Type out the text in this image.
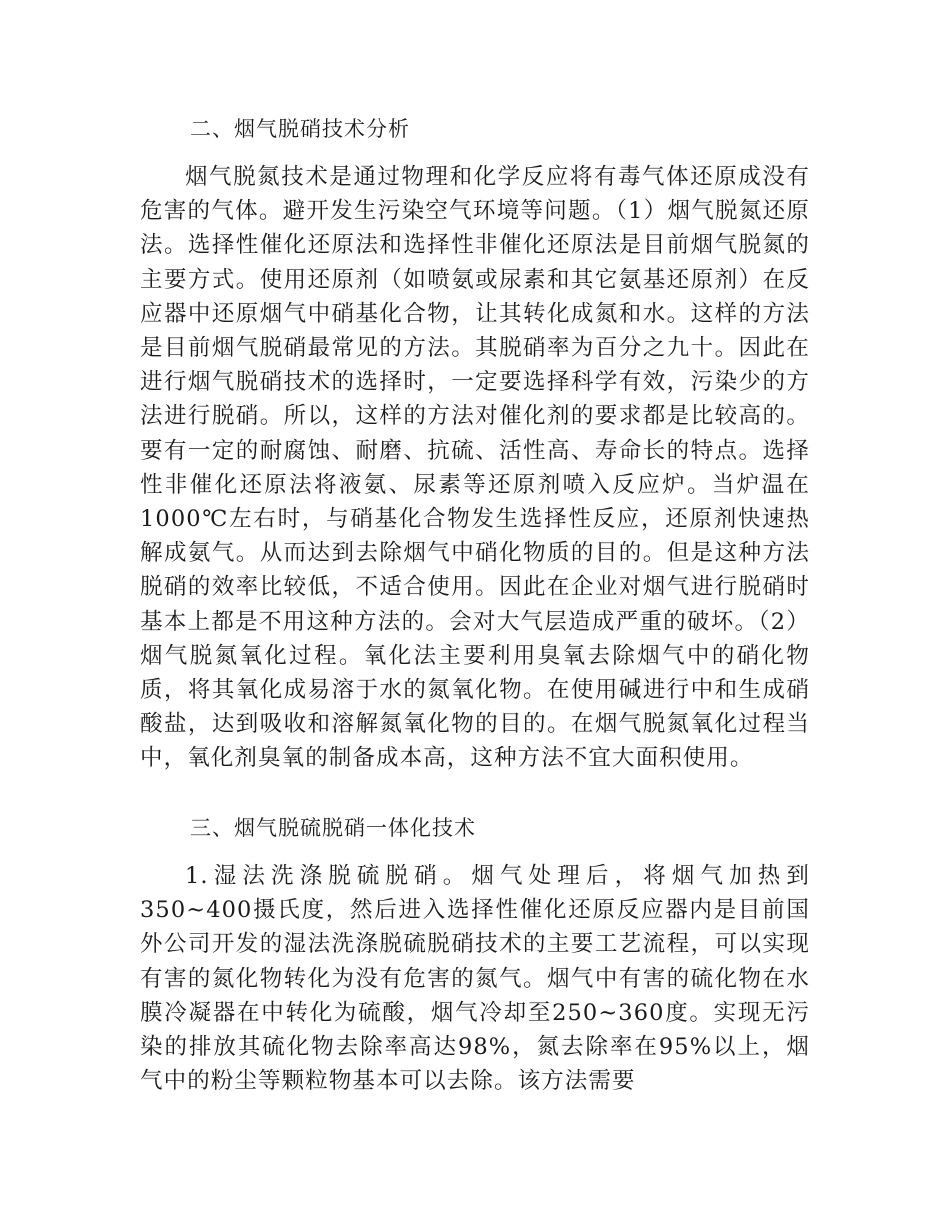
二、烟气脱硝技术分析

烟气脱氮技术是通过物理和化学反应将有毒气体还原成没有危害的气体。避开发生污染空气环境等问题。（1）烟气脱氮还原法。选择性催化还原法和选择性非催化还原法是目前烟气脱氮的主要方式。使用还原剂（如喷氨或尿素和其它氨基还原剂）在反应器中还原烟气中硝基化合物，让其转化成氮和水。这样的方法是目前烟气脱硝最常见的方法。其脱硝率为百分之九十。因此在进行烟气脱硝技术的选择时，一定要选择科学有效，污染少的方法进行脱硝。所以，这样的方法对催化剂的要求都是比较高的。要有一定的耐腐蚀、耐磨、抗硫、活性高、寿命长的特点。选择性非催化还原法将液氨、尿素等还原剂喷入反应炉。当炉温在1000℃左右时，与硝基化合物发生选择性反应，还原剂快速热解成氨气。从而达到去除烟气中硝化物质的目的。但是这种方法脱硝的效率比较低，不适合使用。因此在企业对烟气进行脱硝时基本上都是不用这种方法的。会对大气层造成严重的破坏。（2）烟气脱氮氧化过程。氧化法主要利用臭氧去除烟气中的硝化物质，将其氧化成易溶于水的氮氧化物。在使用碱进行中和生成硝酸盐，达到吸收和溶解氮氧化物的目的。在烟气脱氮氧化过程当中，氧化剂臭氧的制备成本高，这种方法不宜大面积使用。

三、烟气脱硫脱硝一体化技术

1.湿法洗涤脱硫脱硝。烟气处理后，将烟气加热到350~400摄氏度，然后进入选择性催化还原反应器内是目前国外公司开发的湿法洗涤脱硫脱硝技术的主要工艺流程，可以实现有害的氮化物转化为没有危害的氮气。烟气中有害的硫化物在水膜冷凝器在中转化为硫酸，烟气冷却至250~360度。实现无污染的排放其硫化物去除率高达98%，氮去除率在95%以上，烟气中的粉尘等颗粒物基本可以去除。该方法需要
